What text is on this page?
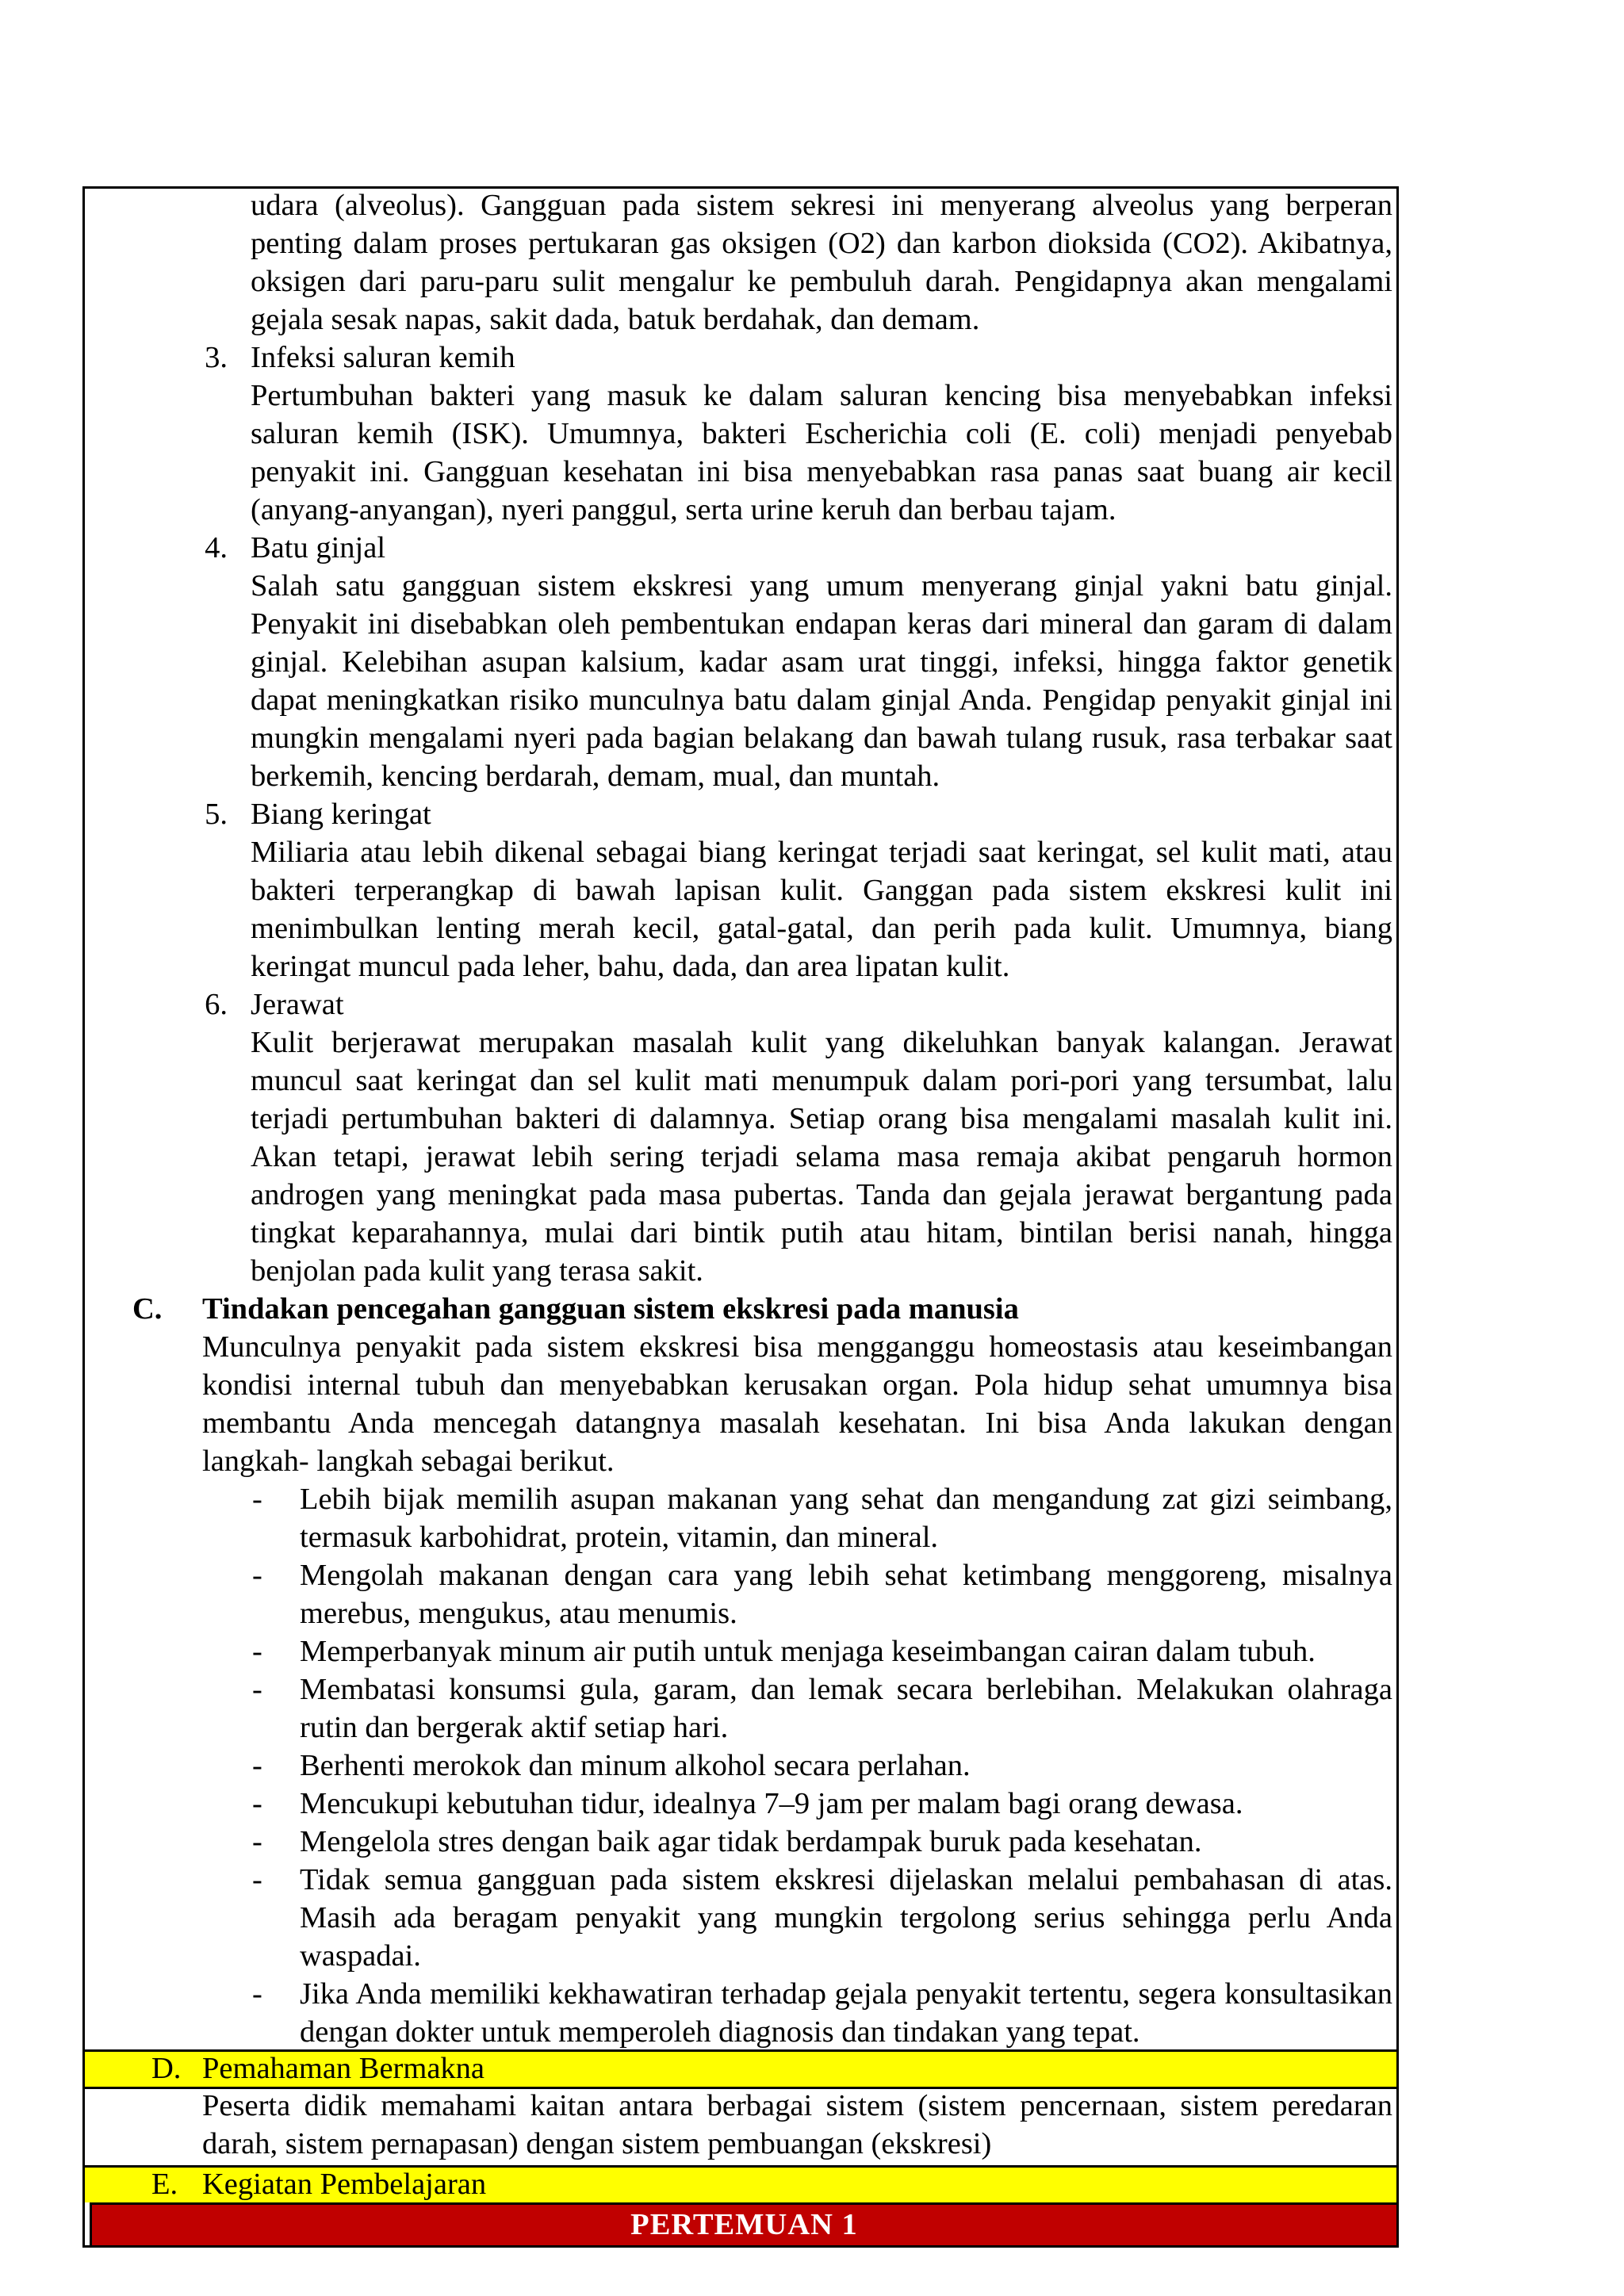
udara (alveolus). Gangguan pada sistem sekresi ini menyerang alveolus yang berperan penting dalam proses pertukaran gas oksigen (O2) dan karbon dioksida (CO2). Akibatnya, oksigen dari paru-paru sulit mengalur ke pembuluh darah. Pengidapnya akan mengalami gejala sesak napas, sakit dada, batuk berdahak, dan demam.
3. Infeksi saluran kemih
Pertumbuhan bakteri yang masuk ke dalam saluran kencing bisa menyebabkan infeksi saluran kemih (ISK). Umumnya, bakteri Escherichia coli (E. coli) menjadi penyebab penyakit ini. Gangguan kesehatan ini bisa menyebabkan rasa panas saat buang air kecil (anyang-anyangan), nyeri panggul, serta urine keruh dan berbau tajam.
4. Batu ginjal
Salah satu gangguan sistem ekskresi yang umum menyerang ginjal yakni batu ginjal. Penyakit ini disebabkan oleh pembentukan endapan keras dari mineral dan garam di dalam ginjal. Kelebihan asupan kalsium, kadar asam urat tinggi, infeksi, hingga faktor genetik dapat meningkatkan risiko munculnya batu dalam ginjal Anda. Pengidap penyakit ginjal ini mungkin mengalami nyeri pada bagian belakang dan bawah tulang rusuk, rasa terbakar saat berkemih, kencing berdarah, demam, mual, dan muntah.
5. Biang keringat
Miliaria atau lebih dikenal sebagai biang keringat terjadi saat keringat, sel kulit mati, atau bakteri terperangkap di bawah lapisan kulit. Ganggan pada sistem ekskresi kulit ini menimbulkan lenting merah kecil, gatal-gatal, dan perih pada kulit. Umumnya, biang keringat muncul pada leher, bahu, dada, dan area lipatan kulit.
6. Jerawat
Kulit berjerawat merupakan masalah kulit yang dikeluhkan banyak kalangan. Jerawat muncul saat keringat dan sel kulit mati menumpuk dalam pori-pori yang tersumbat, lalu terjadi pertumbuhan bakteri di dalamnya. Setiap orang bisa mengalami masalah kulit ini. Akan tetapi, jerawat lebih sering terjadi selama masa remaja akibat pengaruh hormon androgen yang meningkat pada masa pubertas. Tanda dan gejala jerawat bergantung pada tingkat keparahannya, mulai dari bintik putih atau hitam, bintilan berisi nanah, hingga benjolan pada kulit yang terasa sakit.
C.	Tindakan pencegahan gangguan sistem ekskresi pada manusia
Munculnya penyakit pada sistem ekskresi bisa mengganggu homeostasis atau keseimbangan kondisi internal tubuh dan menyebabkan kerusakan organ. Pola hidup sehat umumnya bisa membantu Anda mencegah datangnya masalah kesehatan. Ini bisa Anda lakukan dengan langkah- langkah sebagai berikut.
- Lebih bijak memilih asupan makanan yang sehat dan mengandung zat gizi seimbang, termasuk karbohidrat, protein, vitamin, dan mineral.
- Mengolah makanan dengan cara yang lebih sehat ketimbang menggoreng, misalnya merebus, mengukus, atau menumis.
- Memperbanyak minum air putih untuk menjaga keseimbangan cairan dalam tubuh.
- Membatasi konsumsi gula, garam, dan lemak secara berlebihan. Melakukan olahraga rutin dan bergerak aktif setiap hari.
- Berhenti merokok dan minum alkohol secara perlahan.
- Mencukupi kebutuhan tidur, idealnya 7–9 jam per malam bagi orang dewasa.
- Mengelola stres dengan baik agar tidak berdampak buruk pada kesehatan.
- Tidak semua gangguan pada sistem ekskresi dijelaskan melalui pembahasan di atas. Masih ada beragam penyakit yang mungkin tergolong serius sehingga perlu Anda waspadai.
- Jika Anda memiliki kekhawatiran terhadap gejala penyakit tertentu, segera konsultasikan dengan dokter untuk memperoleh diagnosis dan tindakan yang tepat.
D. Pemahaman Bermakna
Peserta didik memahami kaitan antara berbagai sistem (sistem pencernaan, sistem peredaran darah, sistem pernapasan) dengan sistem pembuangan (ekskresi)
E. Kegiatan Pembelajaran
PERTEMUAN 1
